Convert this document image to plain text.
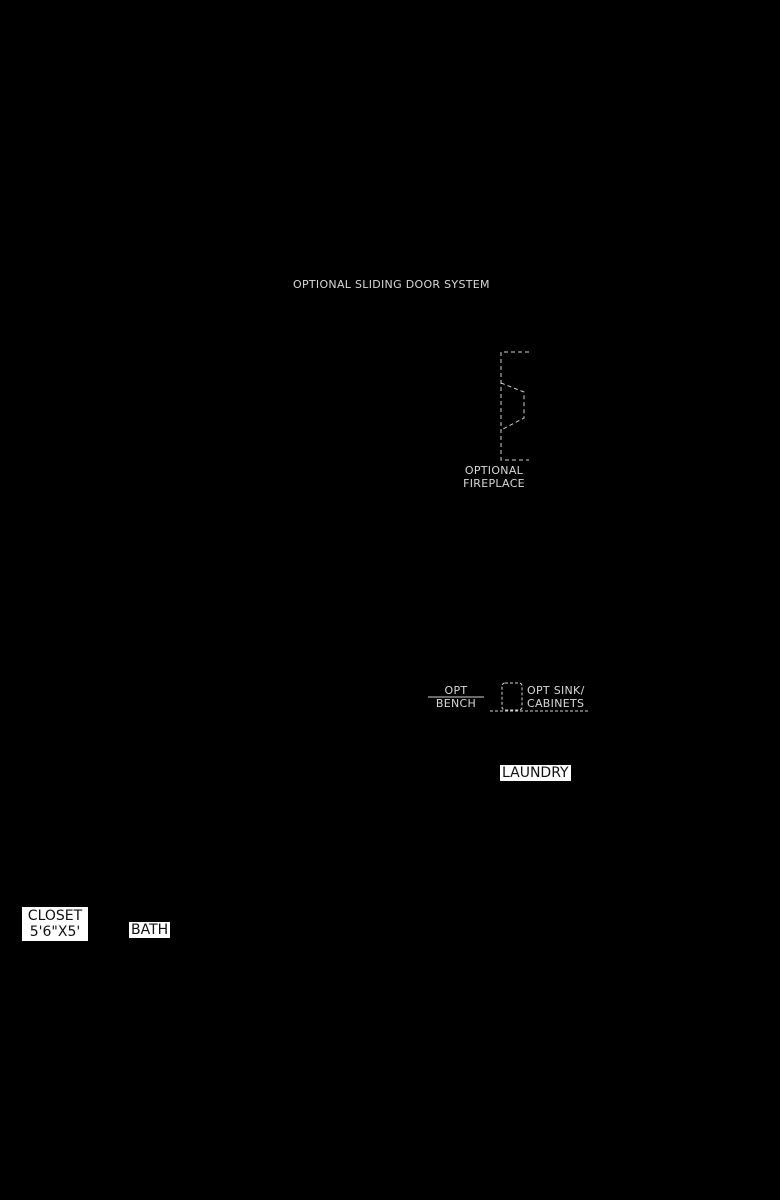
OPTIONAL SLIDING DOOR SYSTEM
OPTIONAL
FIREPLACE
OPT
BENCH
OPT SINK/
CABINETS
LAUNDRY
CLOSET
5'6"X5'	BATH
